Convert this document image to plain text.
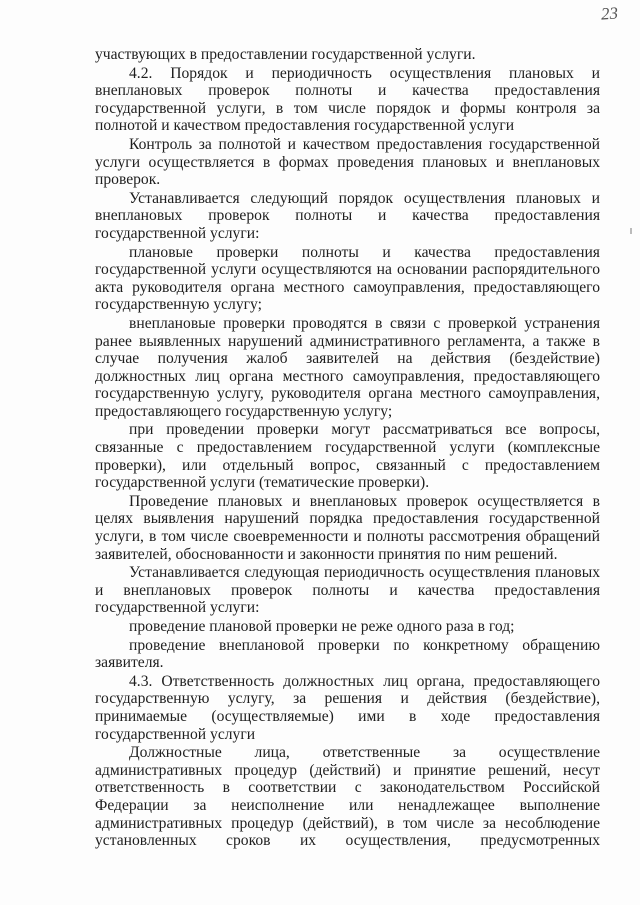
23

участвующих в предоставлении государственной услуги.

4.2. Порядок и периодичность осуществления плановых и внеплановых проверок полноты и качества предоставления государственной услуги, в том числе порядок и формы контроля за полнотой и качеством предоставления государственной услуги

Контроль за полнотой и качеством предоставления государственной услуги осуществляется в формах проведения плановых и внеплановых проверок.

Устанавливается следующий порядок осуществления плановых и внеплановых проверок полноты и качества предоставления государственной услуги:

плановые проверки полноты и качества предоставления государственной услуги осуществляются на основании распорядительного акта руководителя органа местного самоуправления, предоставляющего государственную услугу;

внеплановые проверки проводятся в связи с проверкой устранения ранее выявленных нарушений административного регламента, а также в случае получения жалоб заявителей на действия (бездействие) должностных лиц органа местного самоуправления, предоставляющего государственную услугу, руководителя органа местного самоуправления, предоставляющего государственную услугу;

при проведении проверки могут рассматриваться все вопросы, связанные с предоставлением государственной услуги (комплексные проверки), или отдельный вопрос, связанный с предоставлением государственной услуги (тематические проверки).

Проведение плановых и внеплановых проверок осуществляется в целях выявления нарушений порядка предоставления государственной услуги, в том числе своевременности и полноты рассмотрения обращений заявителей, обоснованности и законности принятия по ним решений.

Устанавливается следующая периодичность осуществления плановых и внеплановых проверок полноты и качества предоставления государственной услуги:

проведение плановой проверки не реже одного раза в год;

проведение внеплановой проверки по конкретному обращению заявителя.

4.3. Ответственность должностных лиц органа, предоставляющего государственную услугу, за решения и действия (бездействие), принимаемые (осуществляемые) ими в ходе предоставления государственной услуги

Должностные лица, ответственные за осуществление административных процедур (действий) и принятие решений, несут ответственность в соответствии с законодательством Российской Федерации за неисполнение или ненадлежащее выполнение административных процедур (действий), в том числе за несоблюдение установленных сроков их осуществления, предусмотренных
